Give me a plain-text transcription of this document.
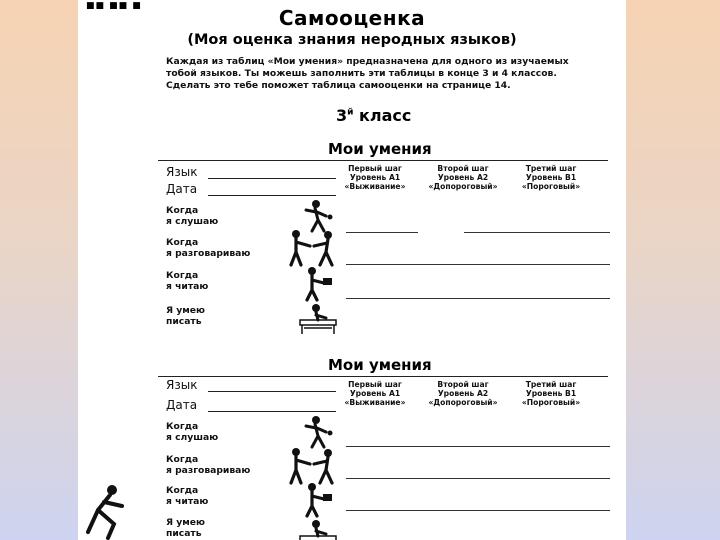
■■ ■■ ■	Самооценка
(Моя оценка знания неродных языков)
Каждая из таблиц «Мои умения» предназначена для одного из изучаемых
тобой языков. Ты можешь заполнить эти таблицы в конце 3 и 4 классов.
Сделать это тебе поможет таблица самооценки на странице 14.
$3^й$ класс
Мои умения
Язык
Дата
Первый шаг
Уровень А1
«Выживание»
Второй шаг
Уровень А2
«Допороговый»
Третий шаг
Уровень В1
«Пороговый»
Когда
я слушаю
Когда
я разговариваю
Когда
я читаю
Я умею
писать
Мои умения
Язык
Дата
Первый шаг
Уровень А1
«Выживание»
Второй шаг
Уровень А2
«Допороговый»
Третий шаг
Уровень В1
«Пороговый»
Когда
я слушаю
Когда
я разговариваю
Когда
я читаю
Я умею
писать
